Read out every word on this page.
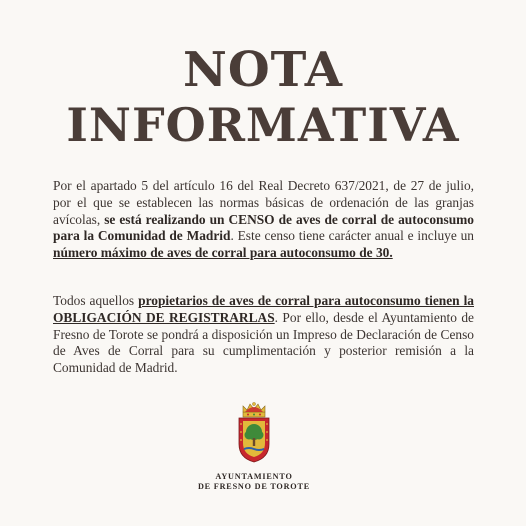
NOTA
INFORMATIVA
Por el apartado 5 del artículo 16 del Real Decreto 637/2021, de 27 de julio, por el que se establecen las normas básicas de ordenación de las granjas avícolas, se está realizando un CENSO de aves de corral de autoconsumo para la Comunidad de Madrid. Este censo tiene carácter anual e incluye un número máximo de aves de corral para autoconsumo de 30.
Todos aquellos propietarios de aves de corral para autoconsumo tienen la OBLIGACIÓN DE REGISTRARLAS. Por ello, desde el Ayuntamiento de Fresno de Torote se pondrá a disposición un Impreso de Declaración de Censo de Aves de Corral para su cumplimentación y posterior remisión a la Comunidad de Madrid.
AYUNTAMIENTO
DE FRESNO DE TOROTE
